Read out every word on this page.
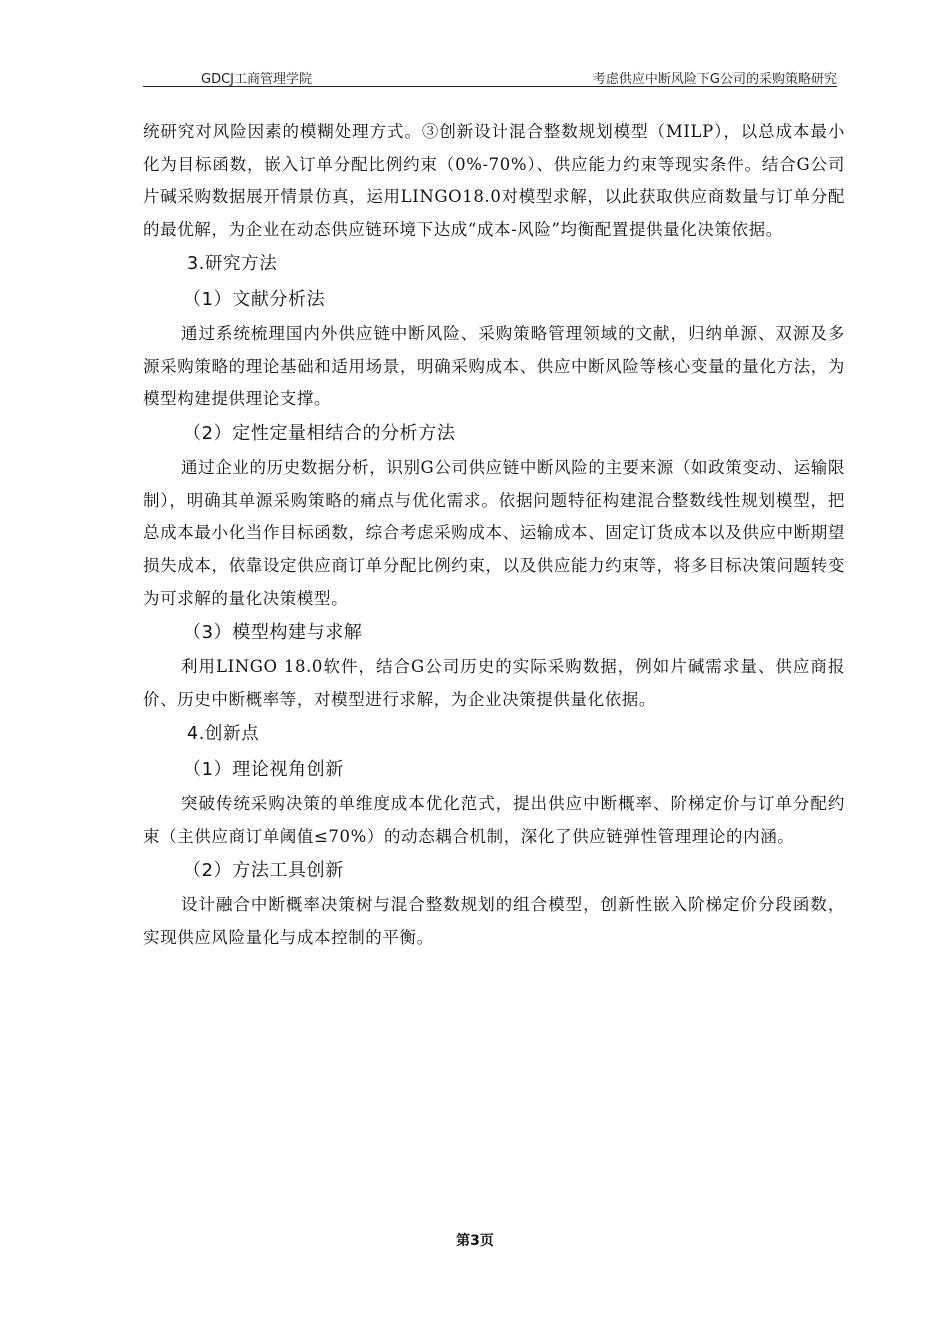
GDCJ工商管理学院	考虑供应中断风险下G公司的采购策略研究

统研究对风险因素的模糊处理方式。③创新设计混合整数规划模型（MILP），以总成本最小化为目标函数，嵌入订单分配比例约束（0%-70%）、供应能力约束等现实条件。结合G公司片碱采购数据展开情景仿真，运用LINGO18.0对模型求解，以此获取供应商数量与订单分配的最优解，为企业在动态供应链环境下达成“成本-风险”均衡配置提供量化决策依据。

3.研究方法
（1）文献分析法

通过系统梳理国内外供应链中断风险、采购策略管理领域的文献，归纳单源、双源及多源采购策略的理论基础和适用场景，明确采购成本、供应中断风险等核心变量的量化方法，为模型构建提供理论支撑。

（2）定性定量相结合的分析方法

通过企业的历史数据分析，识别G公司供应链中断风险的主要来源（如政策变动、运输限制），明确其单源采购策略的痛点与优化需求。依据问题特征构建混合整数线性规划模型，把总成本最小化当作目标函数，综合考虑采购成本、运输成本、固定订货成本以及供应中断期望损失成本，依靠设定供应商订单分配比例约束，以及供应能力约束等，将多目标决策问题转变为可求解的量化决策模型。

（3）模型构建与求解

利用LINGO 18.0软件，结合G公司历史的实际采购数据，例如片碱需求量、供应商报价、历史中断概率等，对模型进行求解，为企业决策提供量化依据。

4.创新点
（1）理论视角创新

突破传统采购决策的单维度成本优化范式，提出供应中断概率、阶梯定价与订单分配约束（主供应商订单阈值≤70%）的动态耦合机制，深化了供应链弹性管理理论的内涵。

（2）方法工具创新

设计融合中断概率决策树与混合整数规划的组合模型，创新性嵌入阶梯定价分段函数，实现供应风险量化与成本控制的平衡。

第3页
